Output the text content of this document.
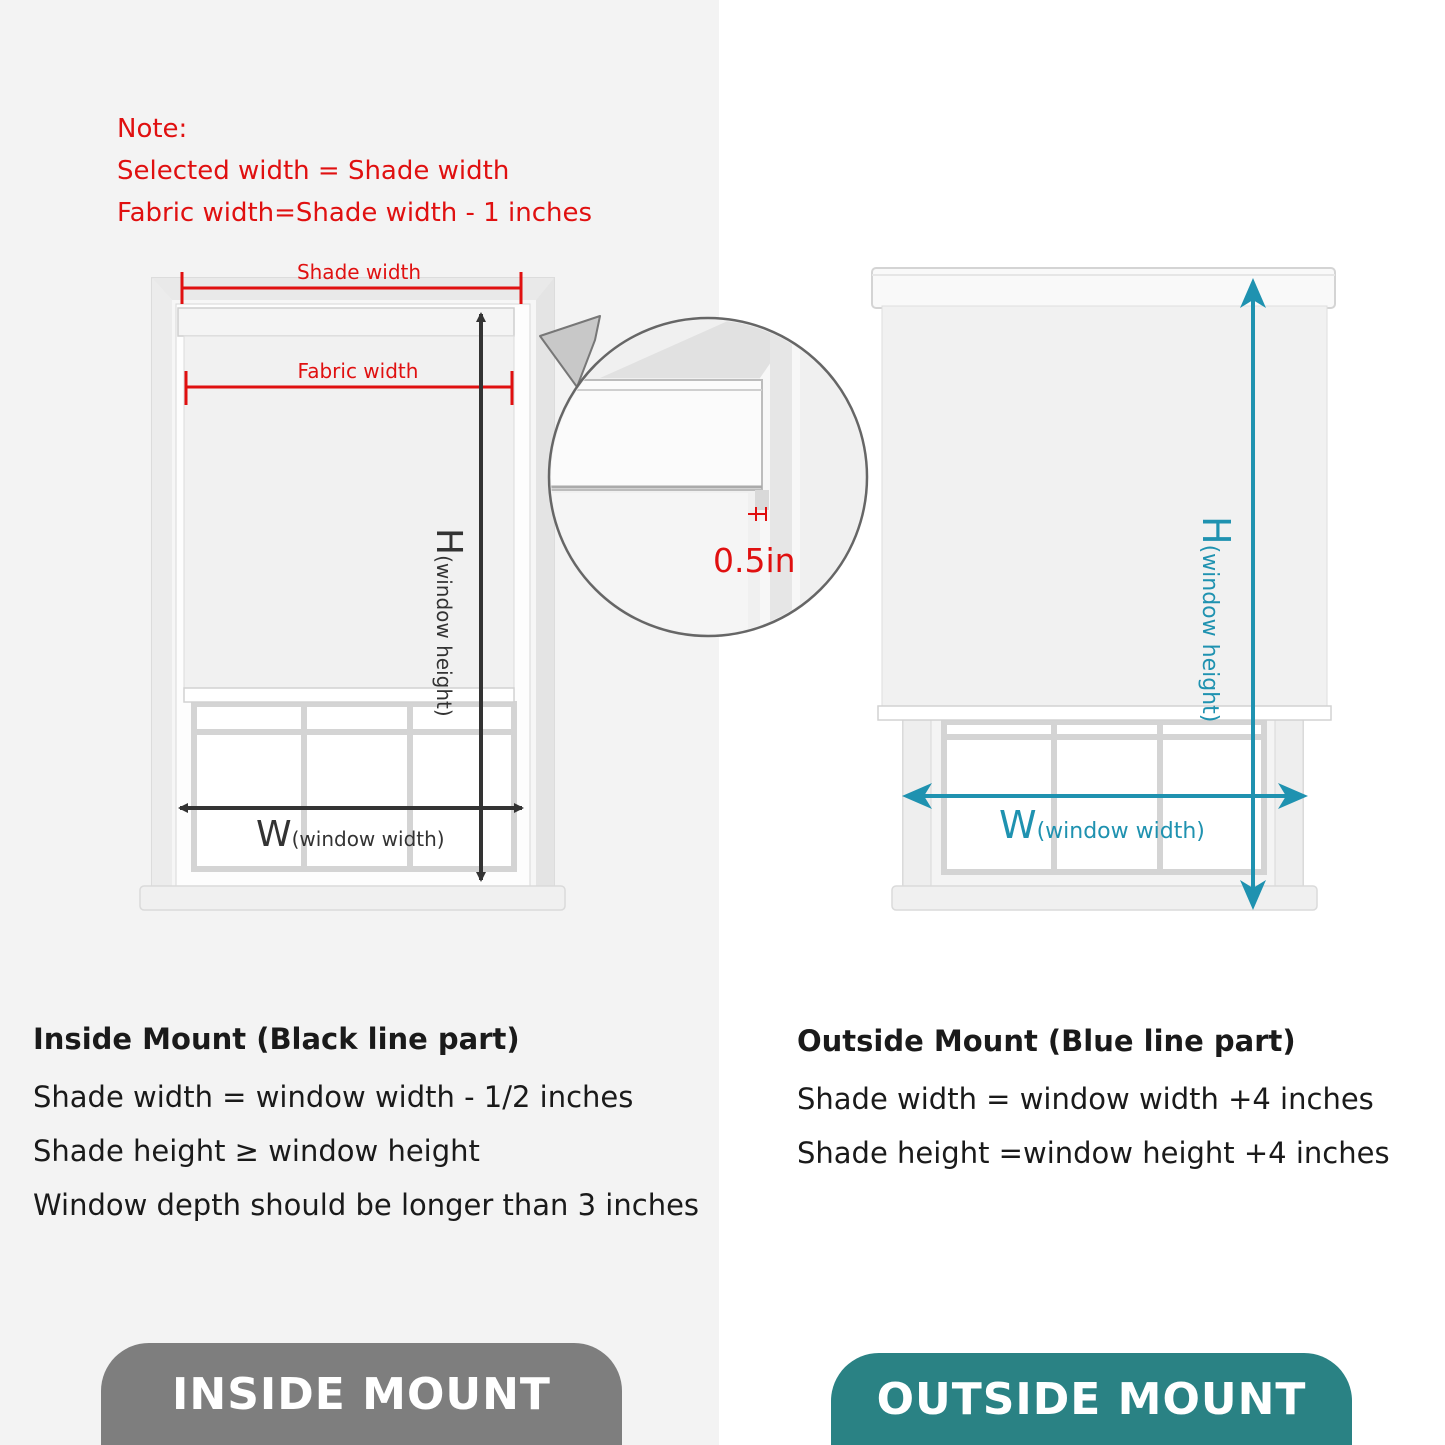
Note:
Selected width = Shade width
Fabric width=Shade width - 1 inches
Shade width
Fabric width
H(window height)
W(window width)
0.5in
H(window height)
W(window width)
Inside Mount (Black line part)
Shade width = window width - 1/2 inches
Shade height ≥ window height
Window depth should be longer than 3 inches
Outside Mount (Blue line part)
Shade width = window width +4 inches
Shade height =window height +4 inches
INSIDE MOUNT	OUTSIDE MOUNT
